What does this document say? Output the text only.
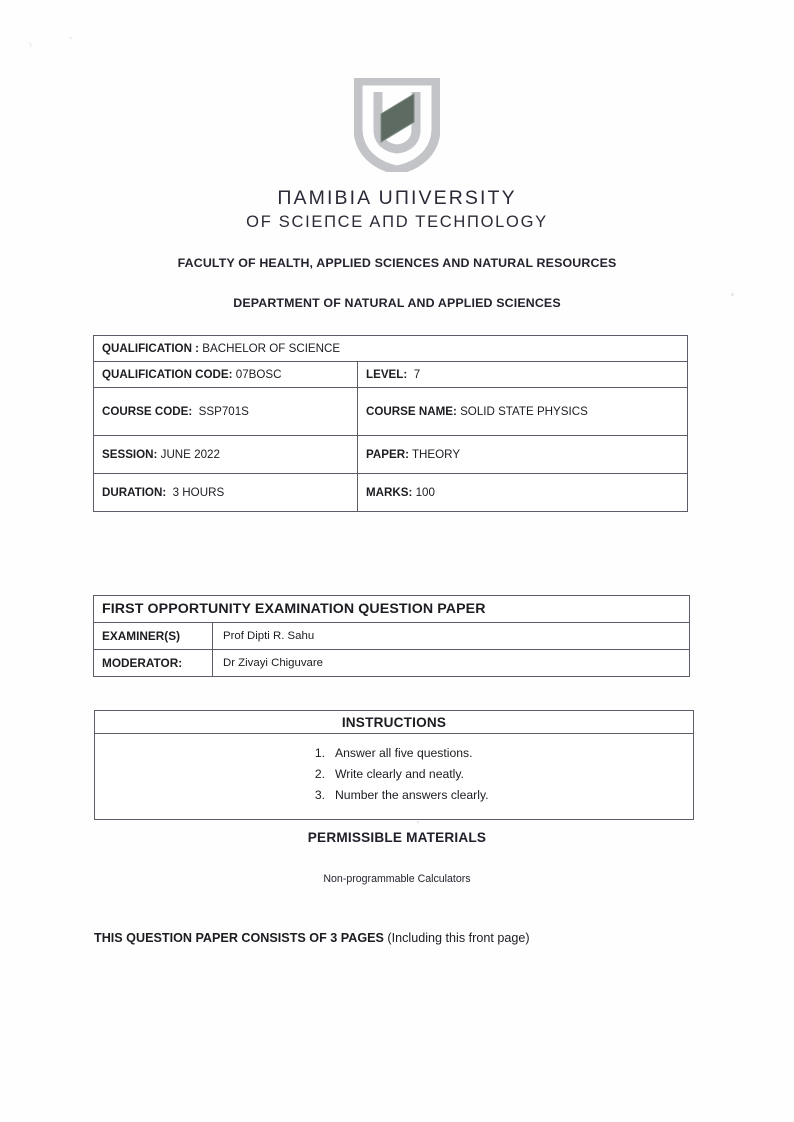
ʲ
ʳ
ΠΑΜΙΒΙΑ UΠIVERSITY
OF SCIEΠCE AΠD TECHΠOLOGY
FACULTY OF HEALTH, APPLIED SCIENCES AND NATURAL RESOURCES
DEPARTMENT OF NATURAL AND APPLIED SCIENCES
QUALIFICATION : BACHELOR OF SCIENCE	
QUALIFICATION CODE: 07BOSC	LEVEL: 7
COURSE CODE: SSP701S	COURSE NAME: SOLID STATE PHYSICS
SESSION: JUNE 2022	PAPER: THEORY
DURATION: 3 HOURS	MARKS: 100
FIRST OPPORTUNITY EXAMINATION QUESTION PAPER	
EXAMINER(S)	Prof Dipti R. Sahu
MODERATOR:	Dr Zivayi Chiguvare
INSTRUCTIONS

1. Answer all five questions.
2. Write clearly and neatly.
3. Number the answers clearly.
PERMISSIBLE MATERIALS
Non-programmable Calculators
THIS QUESTION PAPER CONSISTS OF 3 PAGES (Including this front page)
